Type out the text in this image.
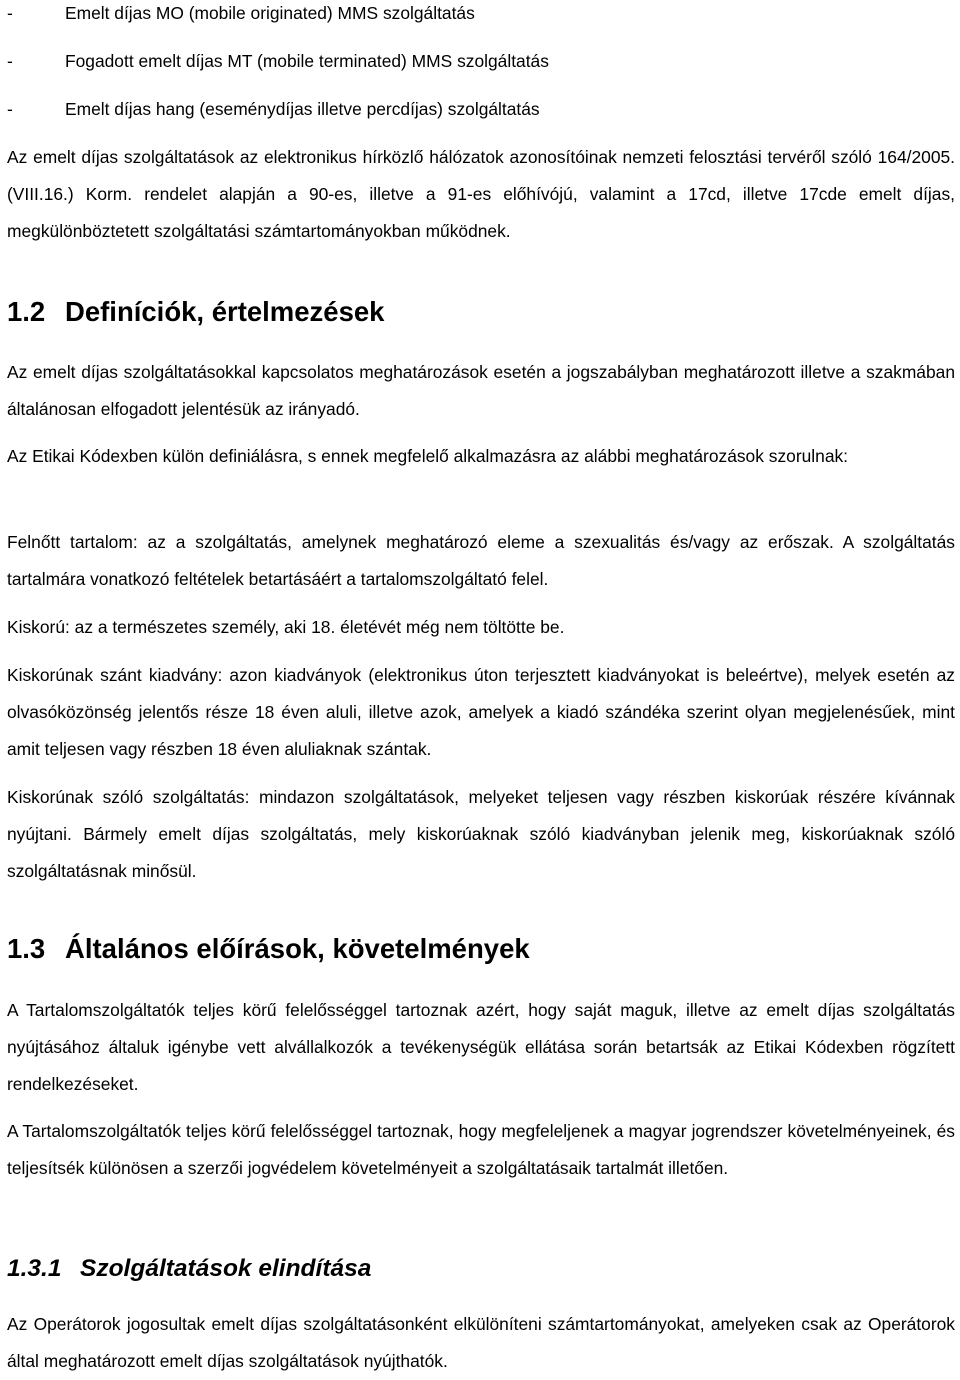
-	Emelt díjas MO (mobile originated) MMS szolgáltatás

-	Fogadott emelt díjas MT (mobile terminated) MMS szolgáltatás

-	Emelt díjas hang (eseménydíjas illetve percdíjas) szolgáltatás

Az emelt díjas szolgáltatások az elektronikus hírközlő hálózatok azonosítóinak nemzeti felosztási tervéről szóló 164/2005. (VIII.16.) Korm. rendelet alapján a 90-es, illetve a 91-es előhívójú, valamint a 17cd, illetve 17cde emelt díjas, megkülönböztetett szolgáltatási számtartományokban működnek.

1.2 Definíciók, értelmezések

Az emelt díjas szolgáltatásokkal kapcsolatos meghatározások esetén a jogszabályban meghatározott illetve a szakmában általánosan elfogadott jelentésük az irányadó.

Az Etikai Kódexben külön definiálásra, s ennek megfelelő alkalmazásra az alábbi meghatározások szorulnak:

Felnőtt tartalom: az a szolgáltatás, amelynek meghatározó eleme a szexualitás és/vagy az erőszak. A szolgáltatás tartalmára vonatkozó feltételek betartásáért a tartalomszolgáltató felel.

Kiskorú: az a természetes személy, aki 18. életévét még nem töltötte be.

Kiskorúnak szánt kiadvány: azon kiadványok (elektronikus úton terjesztett kiadványokat is beleértve), melyek esetén az olvasóközönség jelentős része 18 éven aluli, illetve azok, amelyek a kiadó szándéka szerint olyan megjelenésűek, mint amit teljesen vagy részben 18 éven aluliaknak szántak.

Kiskorúnak szóló szolgáltatás: mindazon szolgáltatások, melyeket teljesen vagy részben kiskorúak részére kívánnak nyújtani. Bármely emelt díjas szolgáltatás, mely kiskorúaknak szóló kiadványban jelenik meg, kiskorúaknak szóló szolgáltatásnak minősül.

1.3 Általános előírások, követelmények

A Tartalomszolgáltatók teljes körű felelősséggel tartoznak azért, hogy saját maguk, illetve az emelt díjas szolgáltatás nyújtásához általuk igénybe vett alvállalkozók a tevékenységük ellátása során betartsák az Etikai Kódexben rögzített rendelkezéseket.

A Tartalomszolgáltatók teljes körű felelősséggel tartoznak, hogy megfeleljenek a magyar jogrendszer követelményeinek, és teljesítsék különösen a szerzői jogvédelem követelményeit a szolgáltatásaik tartalmát illetően.

1.3.1 Szolgáltatások elindítása

Az Operátorok jogosultak emelt díjas szolgáltatásonként elkülöníteni számtartományokat, amelyeken csak az Operátorok által meghatározott emelt díjas szolgáltatások nyújthatók.
